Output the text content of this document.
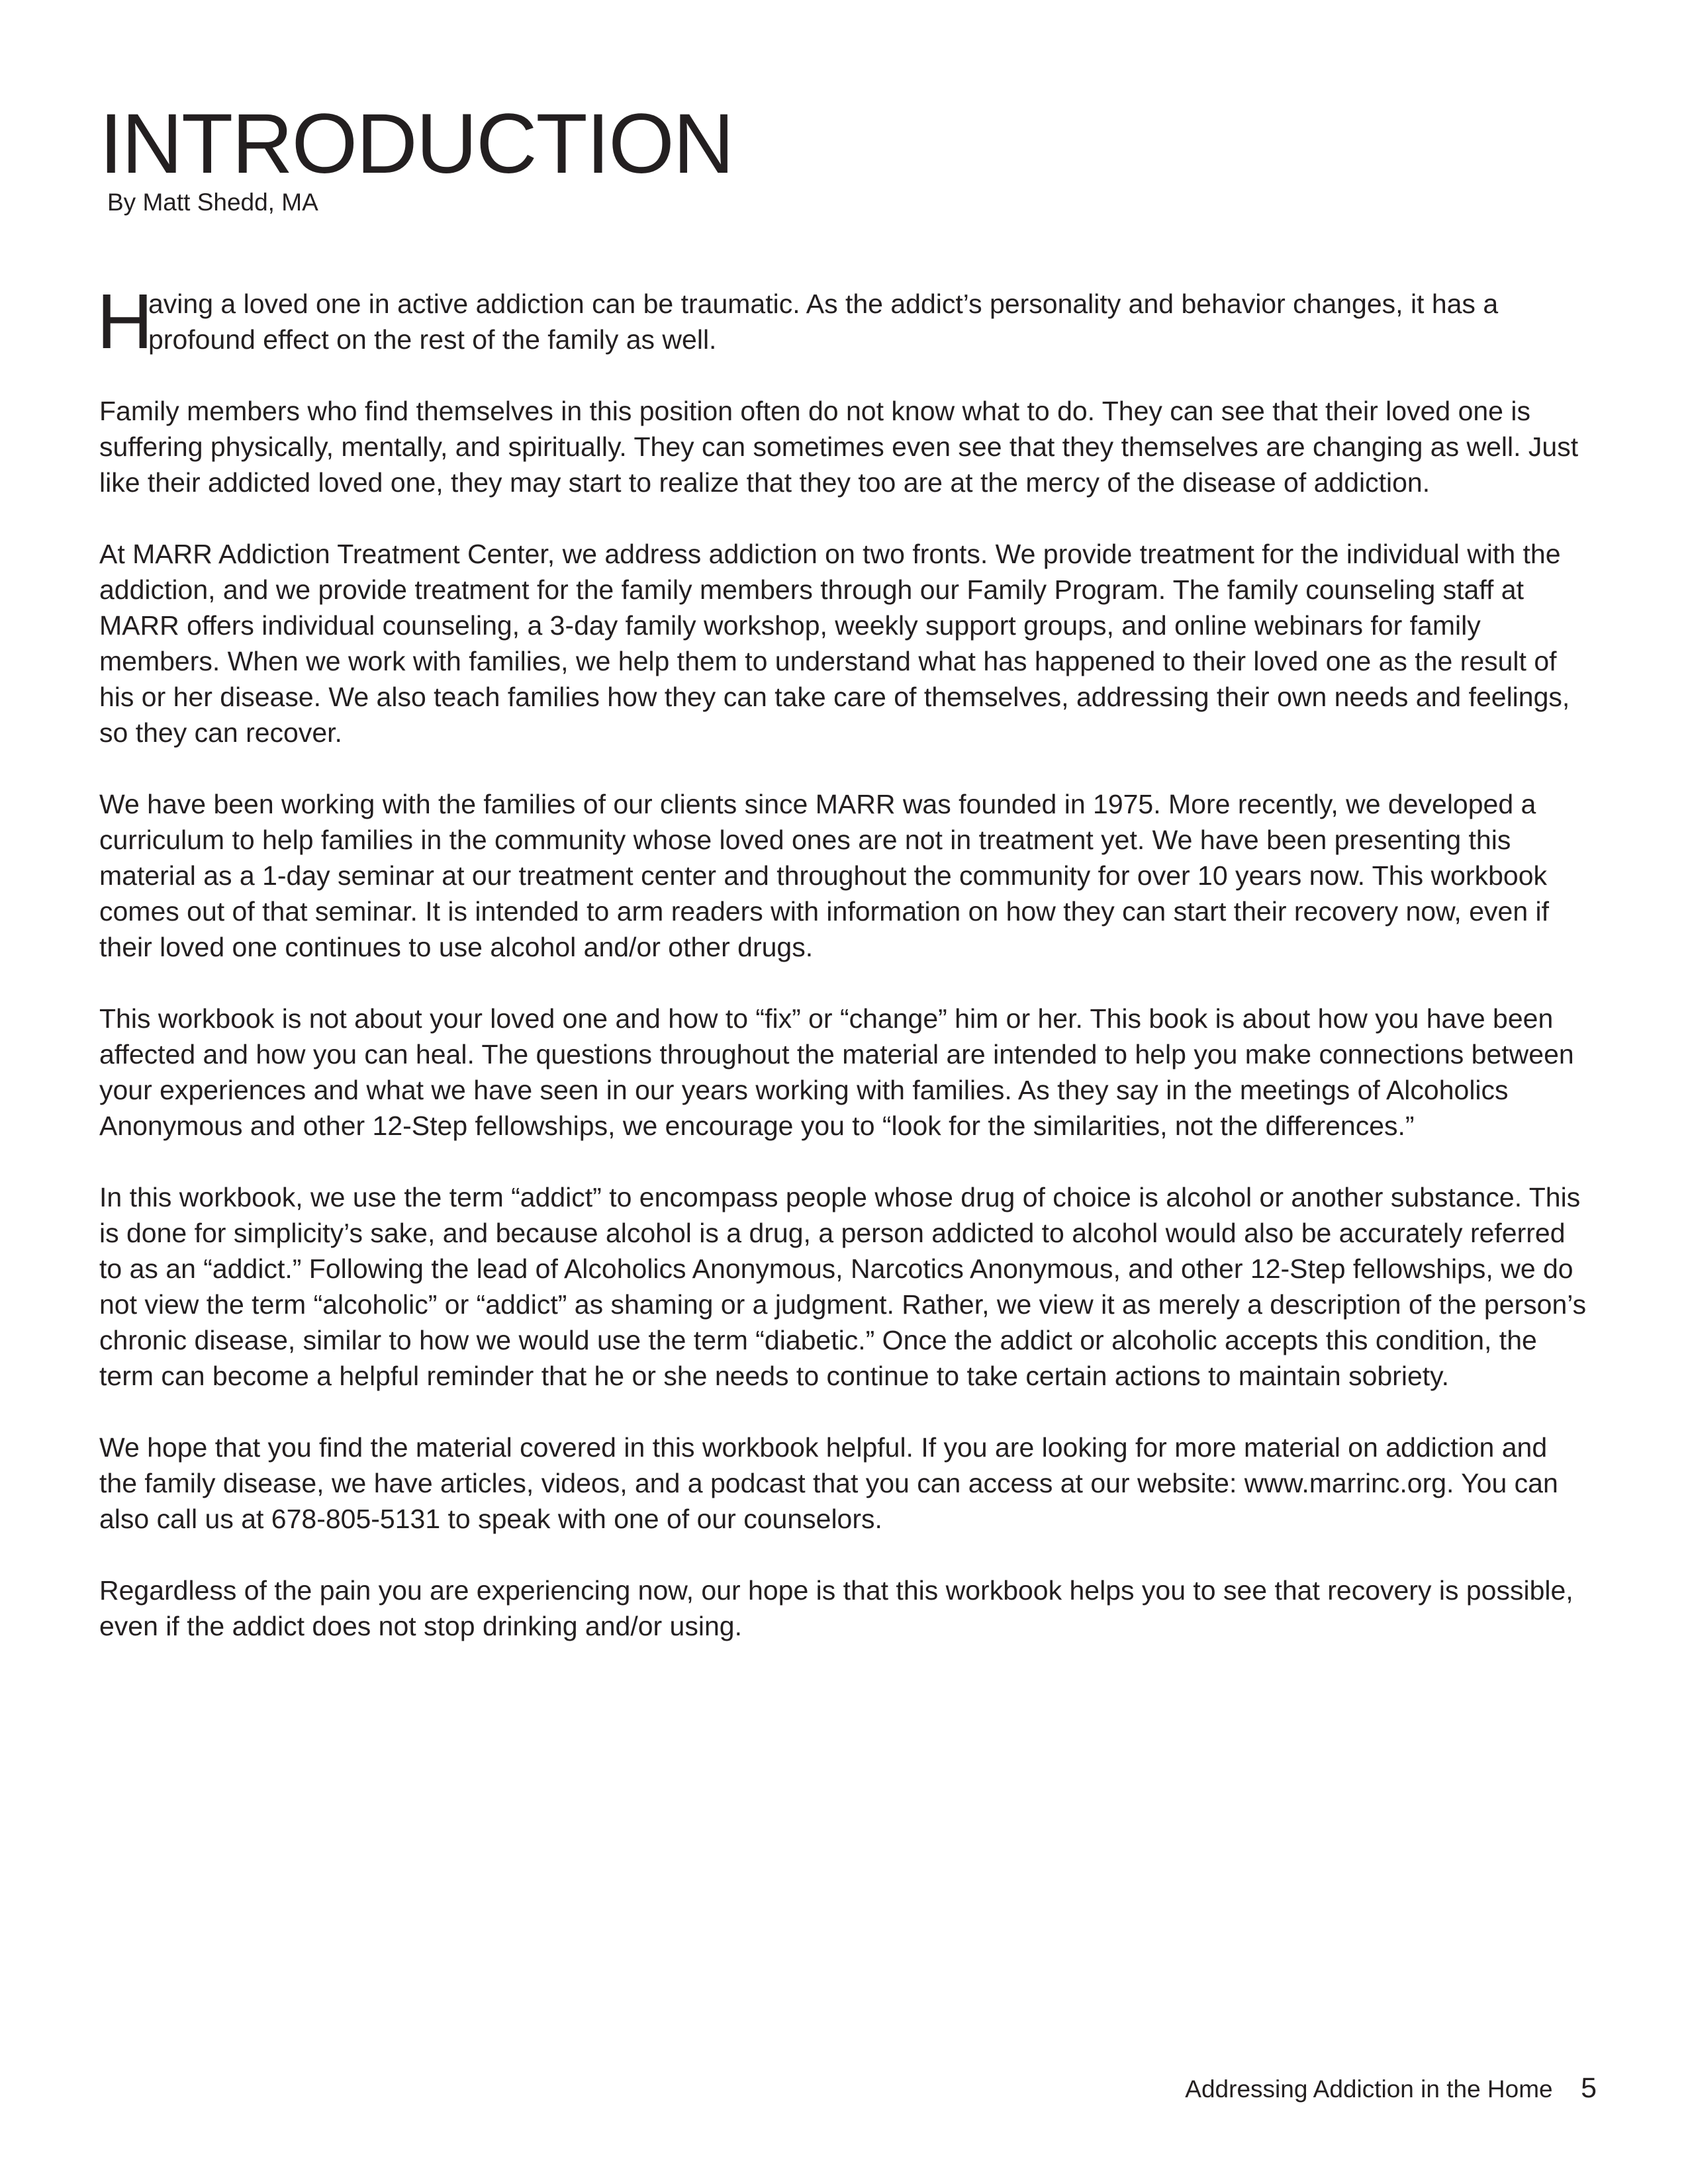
INTRODUCTION
By Matt Shedd, MA

H
aving a loved one in active addiction can be traumatic. As the addict’s personality and behavior changes, it has a profound effect on the rest of the family as well.

Family members who find themselves in this position often do not know what to do. They can see that their loved one is suffering physically, mentally, and spiritually. They can sometimes even see that they themselves are changing as well. Just like their addicted loved one, they may start to realize that they too are at the mercy of the disease of addiction.

At MARR Addiction Treatment Center, we address addiction on two fronts. We provide treatment for the individual with the addiction, and we provide treatment for the family members through our Family Program. The family counseling staff at MARR offers individual counseling, a 3-day family workshop, weekly support groups, and online webinars for family members. When we work with families, we help them to understand what has happened to their loved one as the result of his or her disease. We also teach families how they can take care of themselves, addressing their own needs and feelings, so they can recover.

We have been working with the families of our clients since MARR was founded in 1975. More recently, we developed a curriculum to help families in the community whose loved ones are not in treatment yet. We have been presenting this material as a 1-day seminar at our treatment center and throughout the community for over 10 years now. This workbook comes out of that seminar. It is intended to arm readers with information on how they can start their recovery now, even if their loved one continues to use alcohol and/or other drugs.

This workbook is not about your loved one and how to “fix” or “change” him or her. This book is about how you have been affected and how you can heal. The questions throughout the material are intended to help you make connections between your experiences and what we have seen in our years working with families. As they say in the meetings of Alcoholics Anonymous and other 12-Step fellowships, we encourage you to “look for the similarities, not the differences.”

In this workbook, we use the term “addict” to encompass people whose drug of choice is alcohol or another substance. This is done for simplicity’s sake, and because alcohol is a drug, a person addicted to alcohol would also be accurately referred to as an “addict.” Following the lead of Alcoholics Anonymous, Narcotics Anonymous, and other 12-Step fellowships, we do not view the term “alcoholic” or “addict” as shaming or a judgment. Rather, we view it as merely a description of the person’s chronic disease, similar to how we would use the term “diabetic.” Once the addict or alcoholic accepts this condition, the term can become a helpful reminder that he or she needs to continue to take certain actions to maintain sobriety.

We hope that you find the material covered in this workbook helpful. If you are looking for more material on addiction and the family disease, we have articles, videos, and a podcast that you can access at our website: www.marrinc.org. You can also call us at 678-805-5131 to speak with one of our counselors.

Regardless of the pain you are experiencing now, our hope is that this workbook helps you to see that recovery is possible, even if the addict does not stop drinking and/or using.

Addressing Addiction in the Home 5
